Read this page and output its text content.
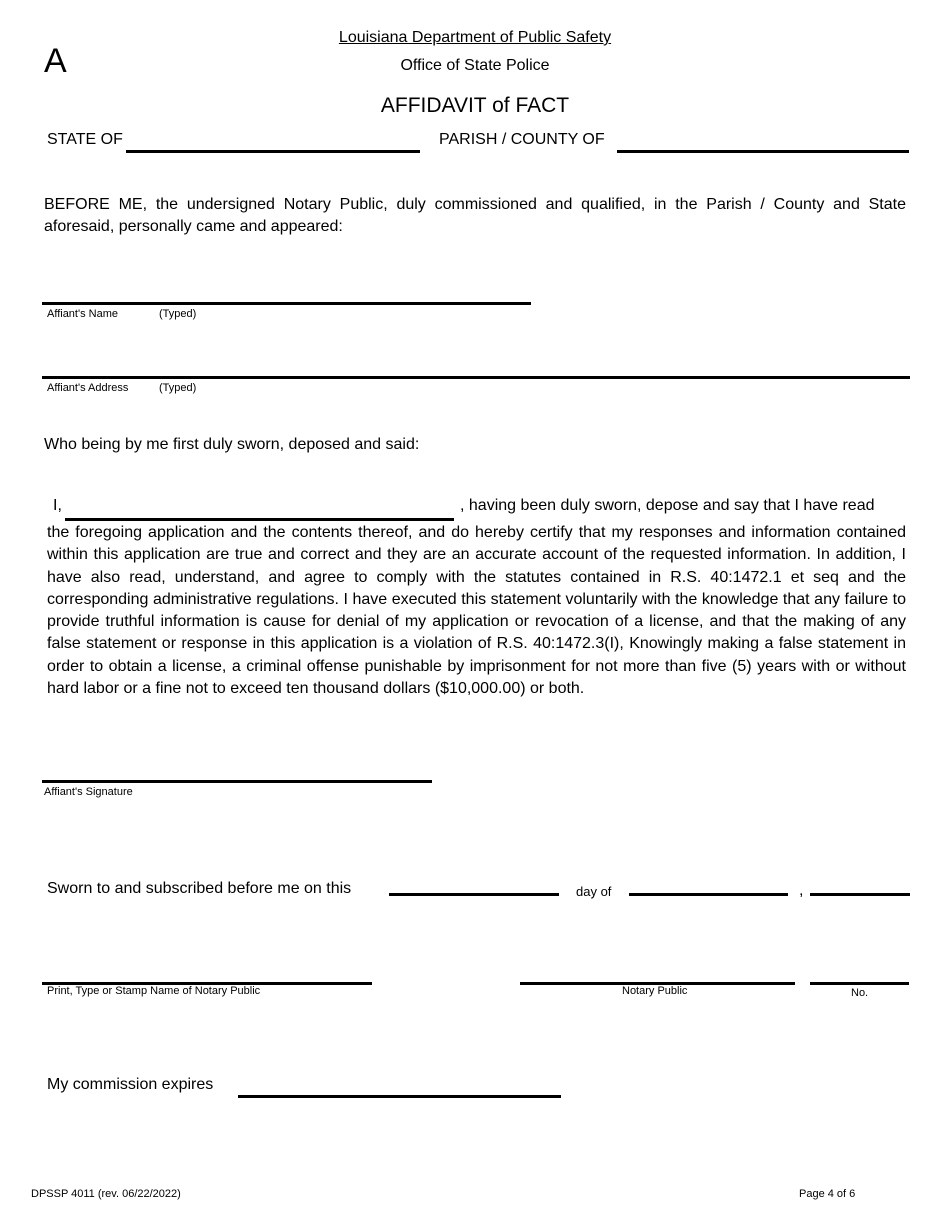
A
Louisiana Department of Public Safety
Office of State Police
AFFIDAVIT of FACT
STATE OF	PARISH / COUNTY OF
BEFORE ME, the undersigned Notary Public, duly commissioned and qualified, in the Parish / County and State aforesaid, personally came and appeared:
Affiant's Name	(Typed)
Affiant's Address	(Typed)
Who being by me first duly sworn, deposed and said:
I,	, having been duly sworn, depose and say that I have read
the foregoing application and the contents thereof, and do hereby certify that my responses and information contained within this application are true and correct and they are an accurate account of the requested information. In addition, I have also read, understand, and agree to comply with the statutes contained in R.S. 40:1472.1 et seq and the corresponding administrative regulations. I have executed this statement voluntarily with the knowledge that any failure to provide truthful information is cause for denial of my application or revocation of a license, and that the making of any false statement or response in this application is a violation of R.S. 40:1472.3(I), Knowingly making a false statement in order to obtain a license, a criminal offense punishable by imprisonment for not more than five (5) years with or without hard labor or a fine not to exceed ten thousand dollars ($10,000.00) or both.
Affiant's Signature
Sworn to and subscribed before me on this	day of	,
Print, Type or Stamp Name of Notary Public	Notary Public	No.
My commission expires
DPSSP 4011 (rev. 06/22/2022)	Page 4 of 6
